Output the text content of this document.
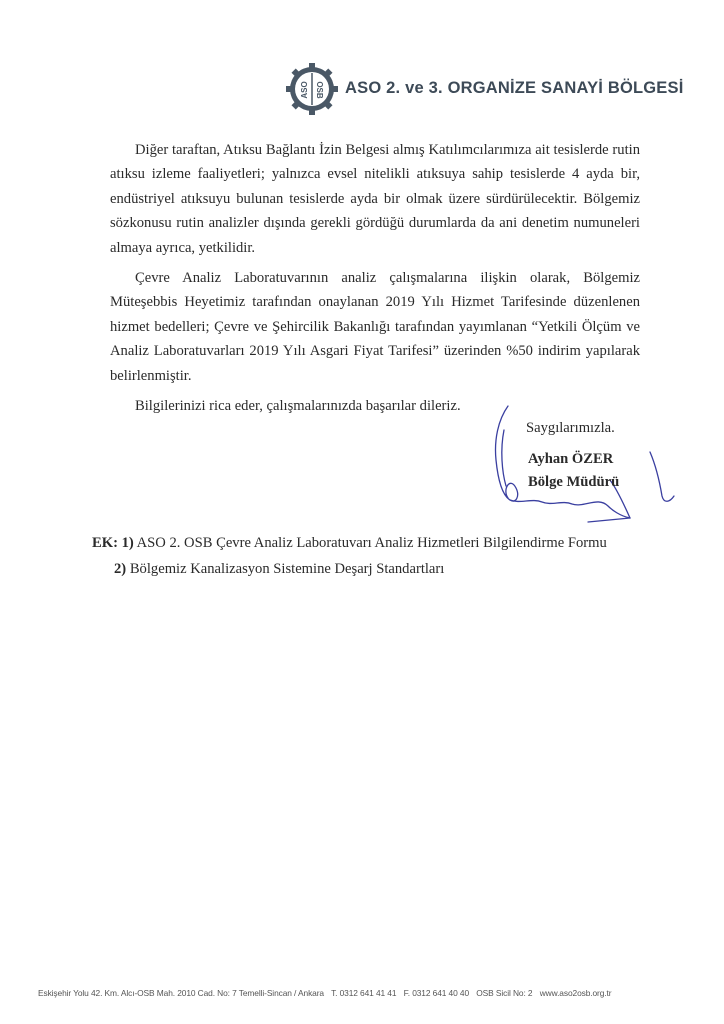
ASO OSB ASO 2. ve 3. ORGANİZE SANAYİ BÖLGESİ

Diğer taraftan, Atıksu Bağlantı İzin Belgesi almış Katılımcılarımıza ait tesislerde rutin atıksu izleme faaliyetleri; yalnızca evsel nitelikli atıksuya sahip tesislerde 4 ayda bir, endüstriyel atıksuyu bulunan tesislerde ayda bir olmak üzere sürdürülecektir. Bölgemiz sözkonusu rutin analizler dışında gerekli gördüğü durumlarda da ani denetim numuneleri almaya ayrıca, yetkilidir.

Çevre Analiz Laboratuvarının analiz çalışmalarına ilişkin olarak, Bölgemiz Müteşebbis Heyetimiz tarafından onaylanan 2019 Yılı Hizmet Tarifesinde düzenlenen hizmet bedelleri; Çevre ve Şehircilik Bakanlığı tarafından yayımlanan “Yetkili Ölçüm ve Analiz Laboratuvarları 2019 Yılı Asgari Fiyat Tarifesi” üzerinden %50 indirim yapılarak belirlenmiştir.

Bilgilerinizi rica eder, çalışmalarınızda başarılar dileriz.

Saygılarımızla.
Ayhan ÖZER
Bölge Müdürü
EK: 1) ASO 2. OSB Çevre Analiz Laboratuvarı Analiz Hizmetleri Bilgilendirme Formu
2) Bölgemiz Kanalizasyon Sistemine Deşarj Standartları
Eskişehir Yolu 42. Km. Alcı-OSB Mah. 2010 Cad. No: 7 Temelli-Sincan / Ankara T. 0312 641 41 41 F. 0312 641 40 40 OSB Sicil No: 2 www.aso2osb.org.tr
